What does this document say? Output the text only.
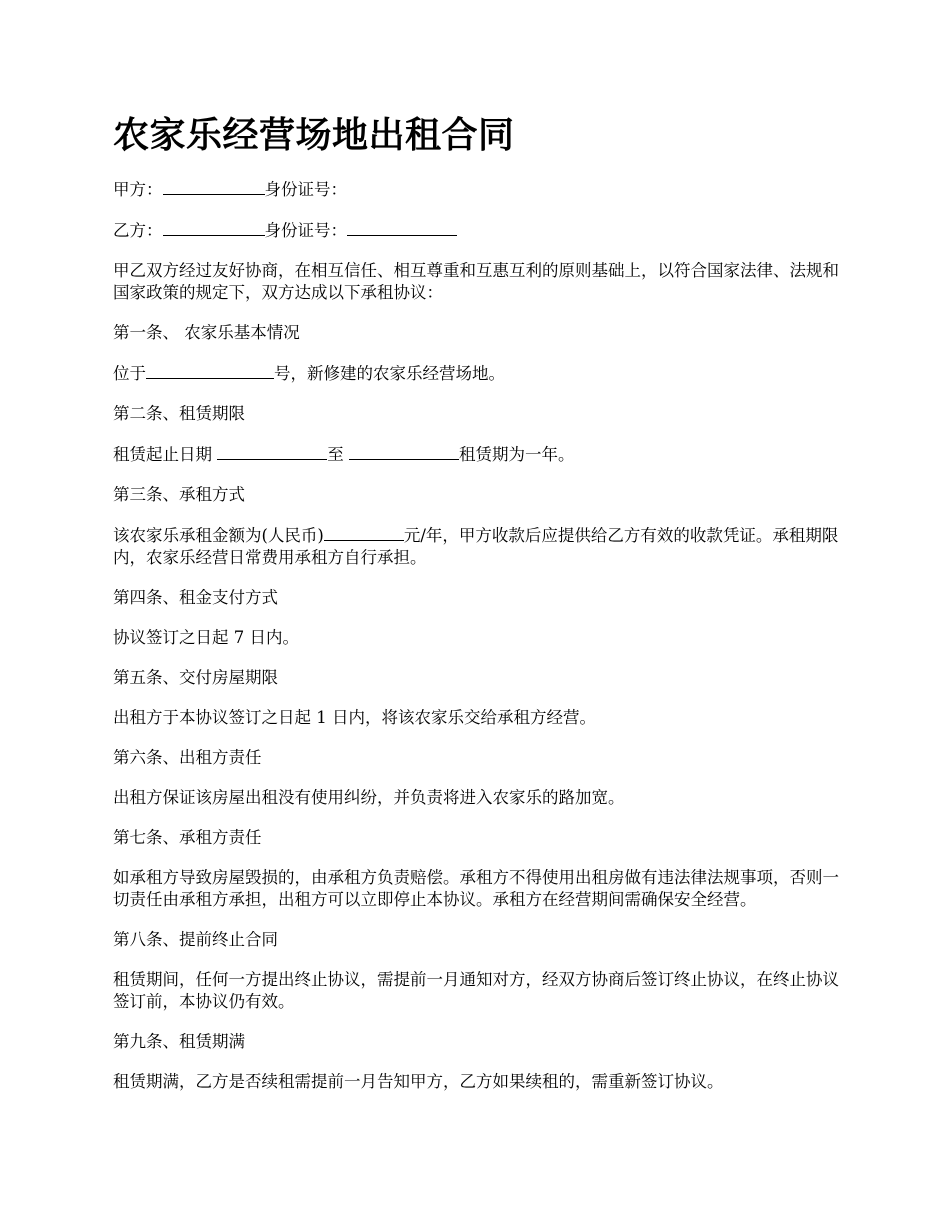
农家乐经营场地出租合同

甲方：	身份证号：

乙方：	身份证号：

甲乙双方经过友好协商，在相互信任、相互尊重和互惠互利的原则基础上，以符合国家法律、法规和国家政策的规定下，双方达成以下承租协议：

第一条、 农家乐基本情况

位于	号，新修建的农家乐经营场地。

第二条、租赁期限

租赁起止日期	至	租赁期为一年。

第三条、承租方式

该农家乐承租金额为(人民币)	元/年，甲方收款后应提供给乙方有效的收款凭证。承租期限内，农家乐经营日常费用承租方自行承担。

第四条、租金支付方式

协议签订之日起 7 日内。

第五条、交付房屋期限

出租方于本协议签订之日起 1 日内，将该农家乐交给承租方经营。

第六条、出租方责任

出租方保证该房屋出租没有使用纠纷，并负责将进入农家乐的路加宽。

第七条、承租方责任

如承租方导致房屋毁损的，由承租方负责赔偿。承租方不得使用出租房做有违法律法规事项，否则一切责任由承租方承担，出租方可以立即停止本协议。承租方在经营期间需确保安全经营。

第八条、提前终止合同

租赁期间，任何一方提出终止协议，需提前一月通知对方，经双方协商后签订终止协议，在终止协议签订前，本协议仍有效。

第九条、租赁期满

租赁期满，乙方是否续租需提前一月告知甲方，乙方如果续租的，需重新签订协议。
